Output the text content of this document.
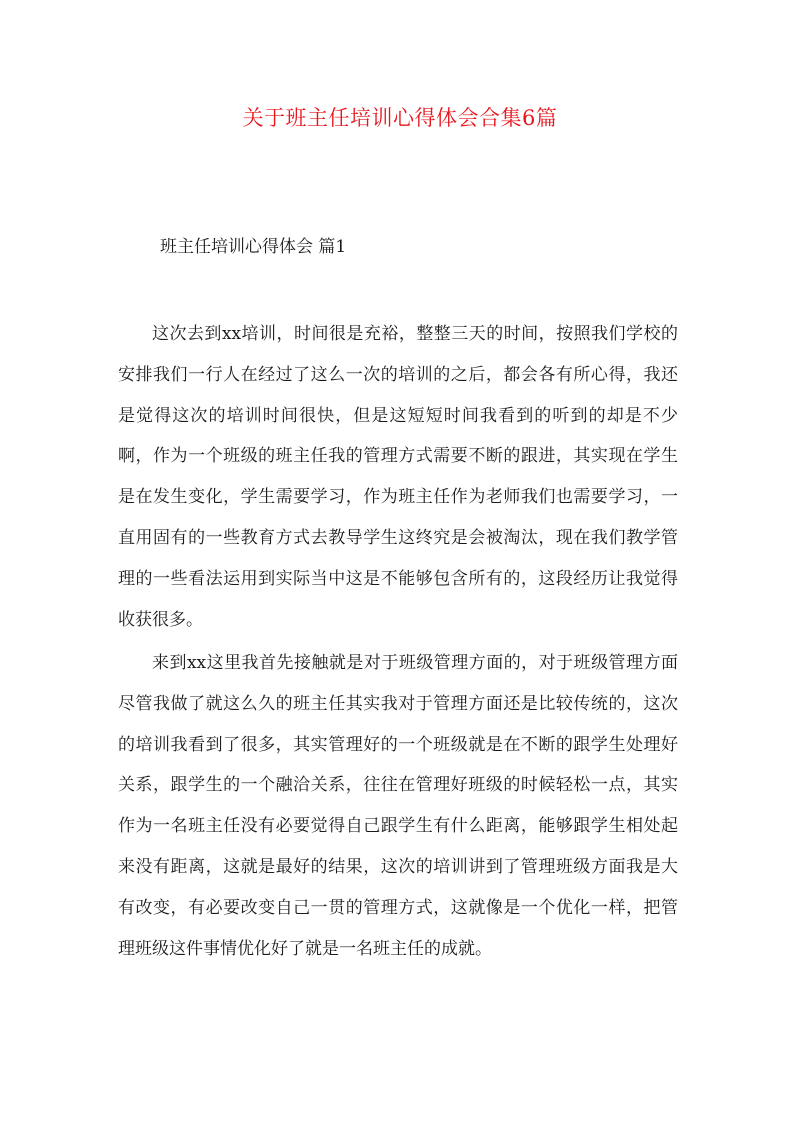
关于班主任培训心得体会合集6篇
班主任培训心得体会 篇1

这次去到xx培训，时间很是充裕，整整三天的时间，按照我们学校的安排我们一行人在经过了这么一次的培训的之后，都会各有所心得，我还是觉得这次的培训时间很快，但是这短短时间我看到的听到的却是不少啊，作为一个班级的班主任我的管理方式需要不断的跟进，其实现在学生是在发生变化，学生需要学习，作为班主任作为老师我们也需要学习，一直用固有的一些教育方式去教导学生这终究是会被淘汰，现在我们教学管理的一些看法运用到实际当中这是不能够包含所有的，这段经历让我觉得收获很多。

来到xx这里我首先接触就是对于班级管理方面的，对于班级管理方面尽管我做了就这么久的班主任其实我对于管理方面还是比较传统的，这次的培训我看到了很多，其实管理好的一个班级就是在不断的跟学生处理好关系，跟学生的一个融洽关系，往往在管理好班级的时候轻松一点，其实作为一名班主任没有必要觉得自己跟学生有什么距离，能够跟学生相处起来没有距离，这就是最好的结果，这次的培训讲到了管理班级方面我是大有改变，有必要改变自己一贯的管理方式，这就像是一个优化一样，把管理班级这件事情优化好了就是一名班主任的成就。
